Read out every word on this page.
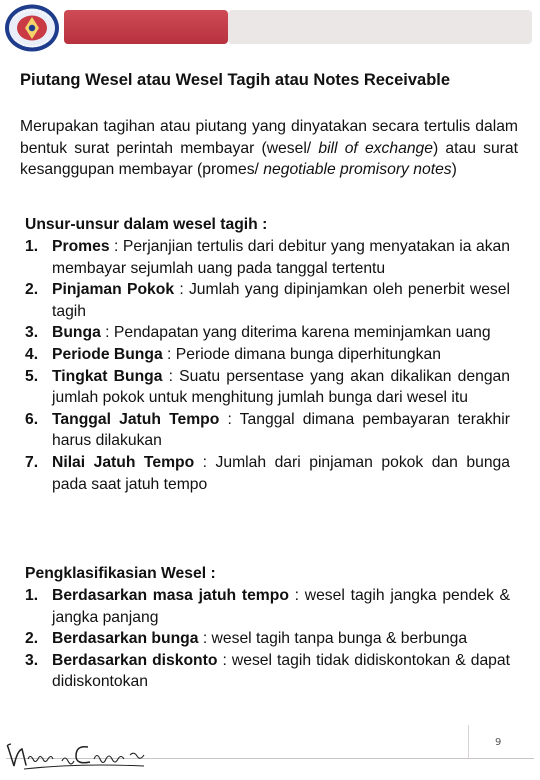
Piutang Wesel atau Wesel Tagih atau Notes Receivable

Merupakan tagihan atau piutang yang dinyatakan secara tertulis dalam bentuk surat perintah membayar (wesel/ bill of exchange) atau surat kesanggupan membayar (promes/ negotiable promisory notes)

Unsur-unsur dalam wesel tagih :

1. Promes : Perjanjian tertulis dari debitur yang menyatakan ia akan membayar sejumlah uang pada tanggal tertentu
2. Pinjaman Pokok : Jumlah yang dipinjamkan oleh penerbit wesel tagih
3. Bunga : Pendapatan yang diterima karena meminjamkan uang
4. Periode Bunga : Periode dimana bunga diperhitungkan
5. Tingkat Bunga : Suatu persentase yang akan dikalikan dengan jumlah pokok untuk menghitung jumlah bunga dari wesel itu
6. Tanggal Jatuh Tempo : Tanggal dimana pembayaran terakhir harus dilakukan
7. Nilai Jatuh Tempo : Jumlah dari pinjaman pokok dan bunga pada saat jatuh tempo

Pengklasifikasian Wesel :

1. Berdasarkan masa jatuh tempo : wesel tagih jangka pendek & jangka panjang
2. Berdasarkan bunga : wesel tagih tanpa bunga & berbunga
3. Berdasarkan diskonto : wesel tagih tidak didiskontokan & dapat didiskontokan
9
